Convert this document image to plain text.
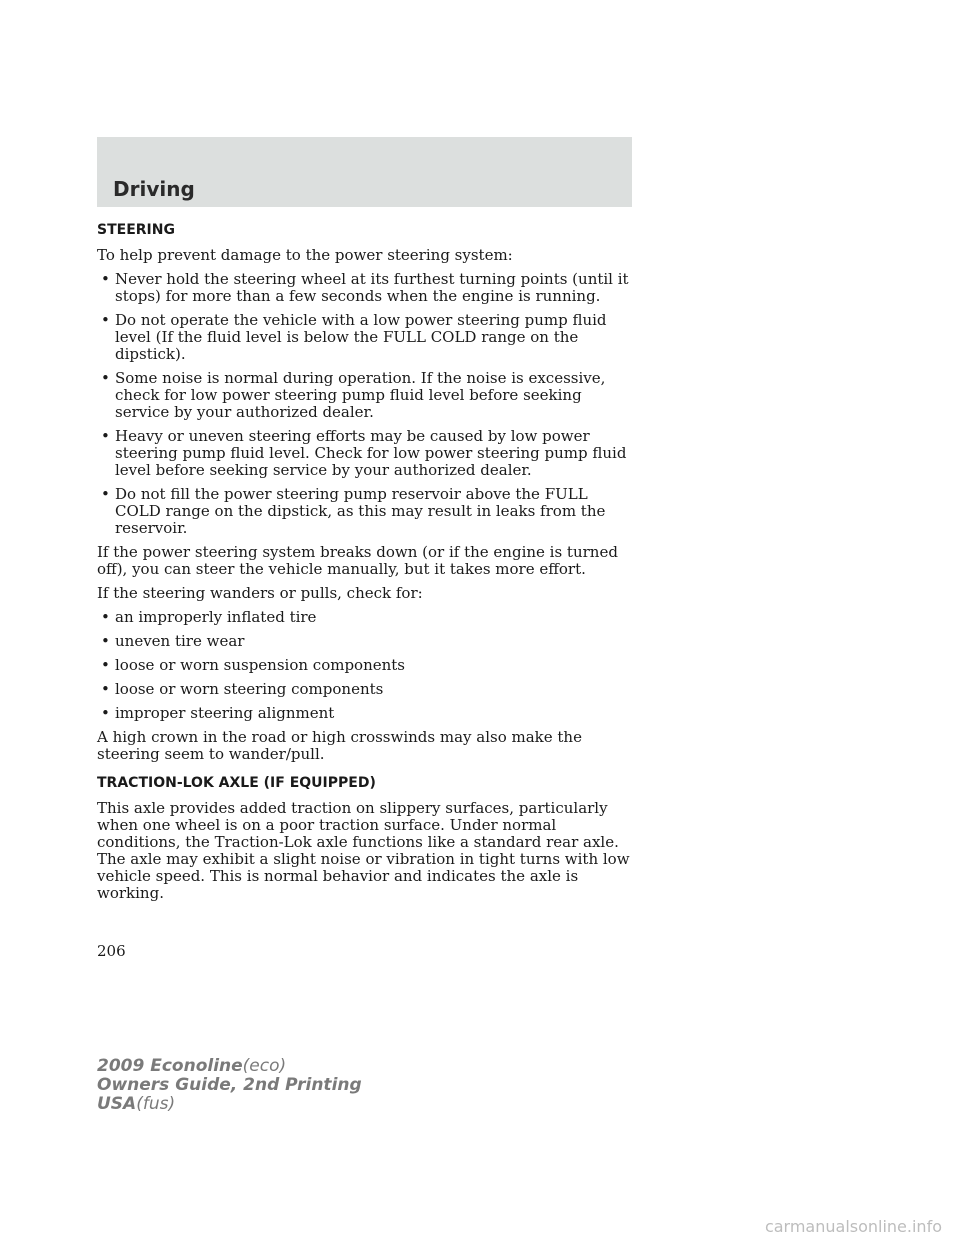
Driving
STEERING
To help prevent damage to the power steering system:
• Never hold the steering wheel at its furthest turning points (until it stops) for more than a few seconds when the engine is running.
• Do not operate the vehicle with a low power steering pump fluid level (If the fluid level is below the FULL COLD range on the dipstick).
• Some noise is normal during operation. If the noise is excessive, check for low power steering pump fluid level before seeking service by your authorized dealer.
• Heavy or uneven steering efforts may be caused by low power steering pump fluid level. Check for low power steering pump fluid level before seeking service by your authorized dealer.
• Do not fill the power steering pump reservoir above the FULL COLD range on the dipstick, as this may result in leaks from the reservoir.
If the power steering system breaks down (or if the engine is turned off), you can steer the vehicle manually, but it takes more effort.
If the steering wanders or pulls, check for:
• an improperly inflated tire
• uneven tire wear
• loose or worn suspension components
• loose or worn steering components
• improper steering alignment
A high crown in the road or high crosswinds may also make the steering seem to wander/pull.
TRACTION-LOK AXLE (IF EQUIPPED)
This axle provides added traction on slippery surfaces, particularly when one wheel is on a poor traction surface. Under normal conditions, the Traction-Lok axle functions like a standard rear axle. The axle may exhibit a slight noise or vibration in tight turns with low vehicle speed. This is normal behavior and indicates the axle is working.
206
2009 Econoline(eco)
Owners Guide, 2nd Printing
USA(fus)
carmanualsonline.info
